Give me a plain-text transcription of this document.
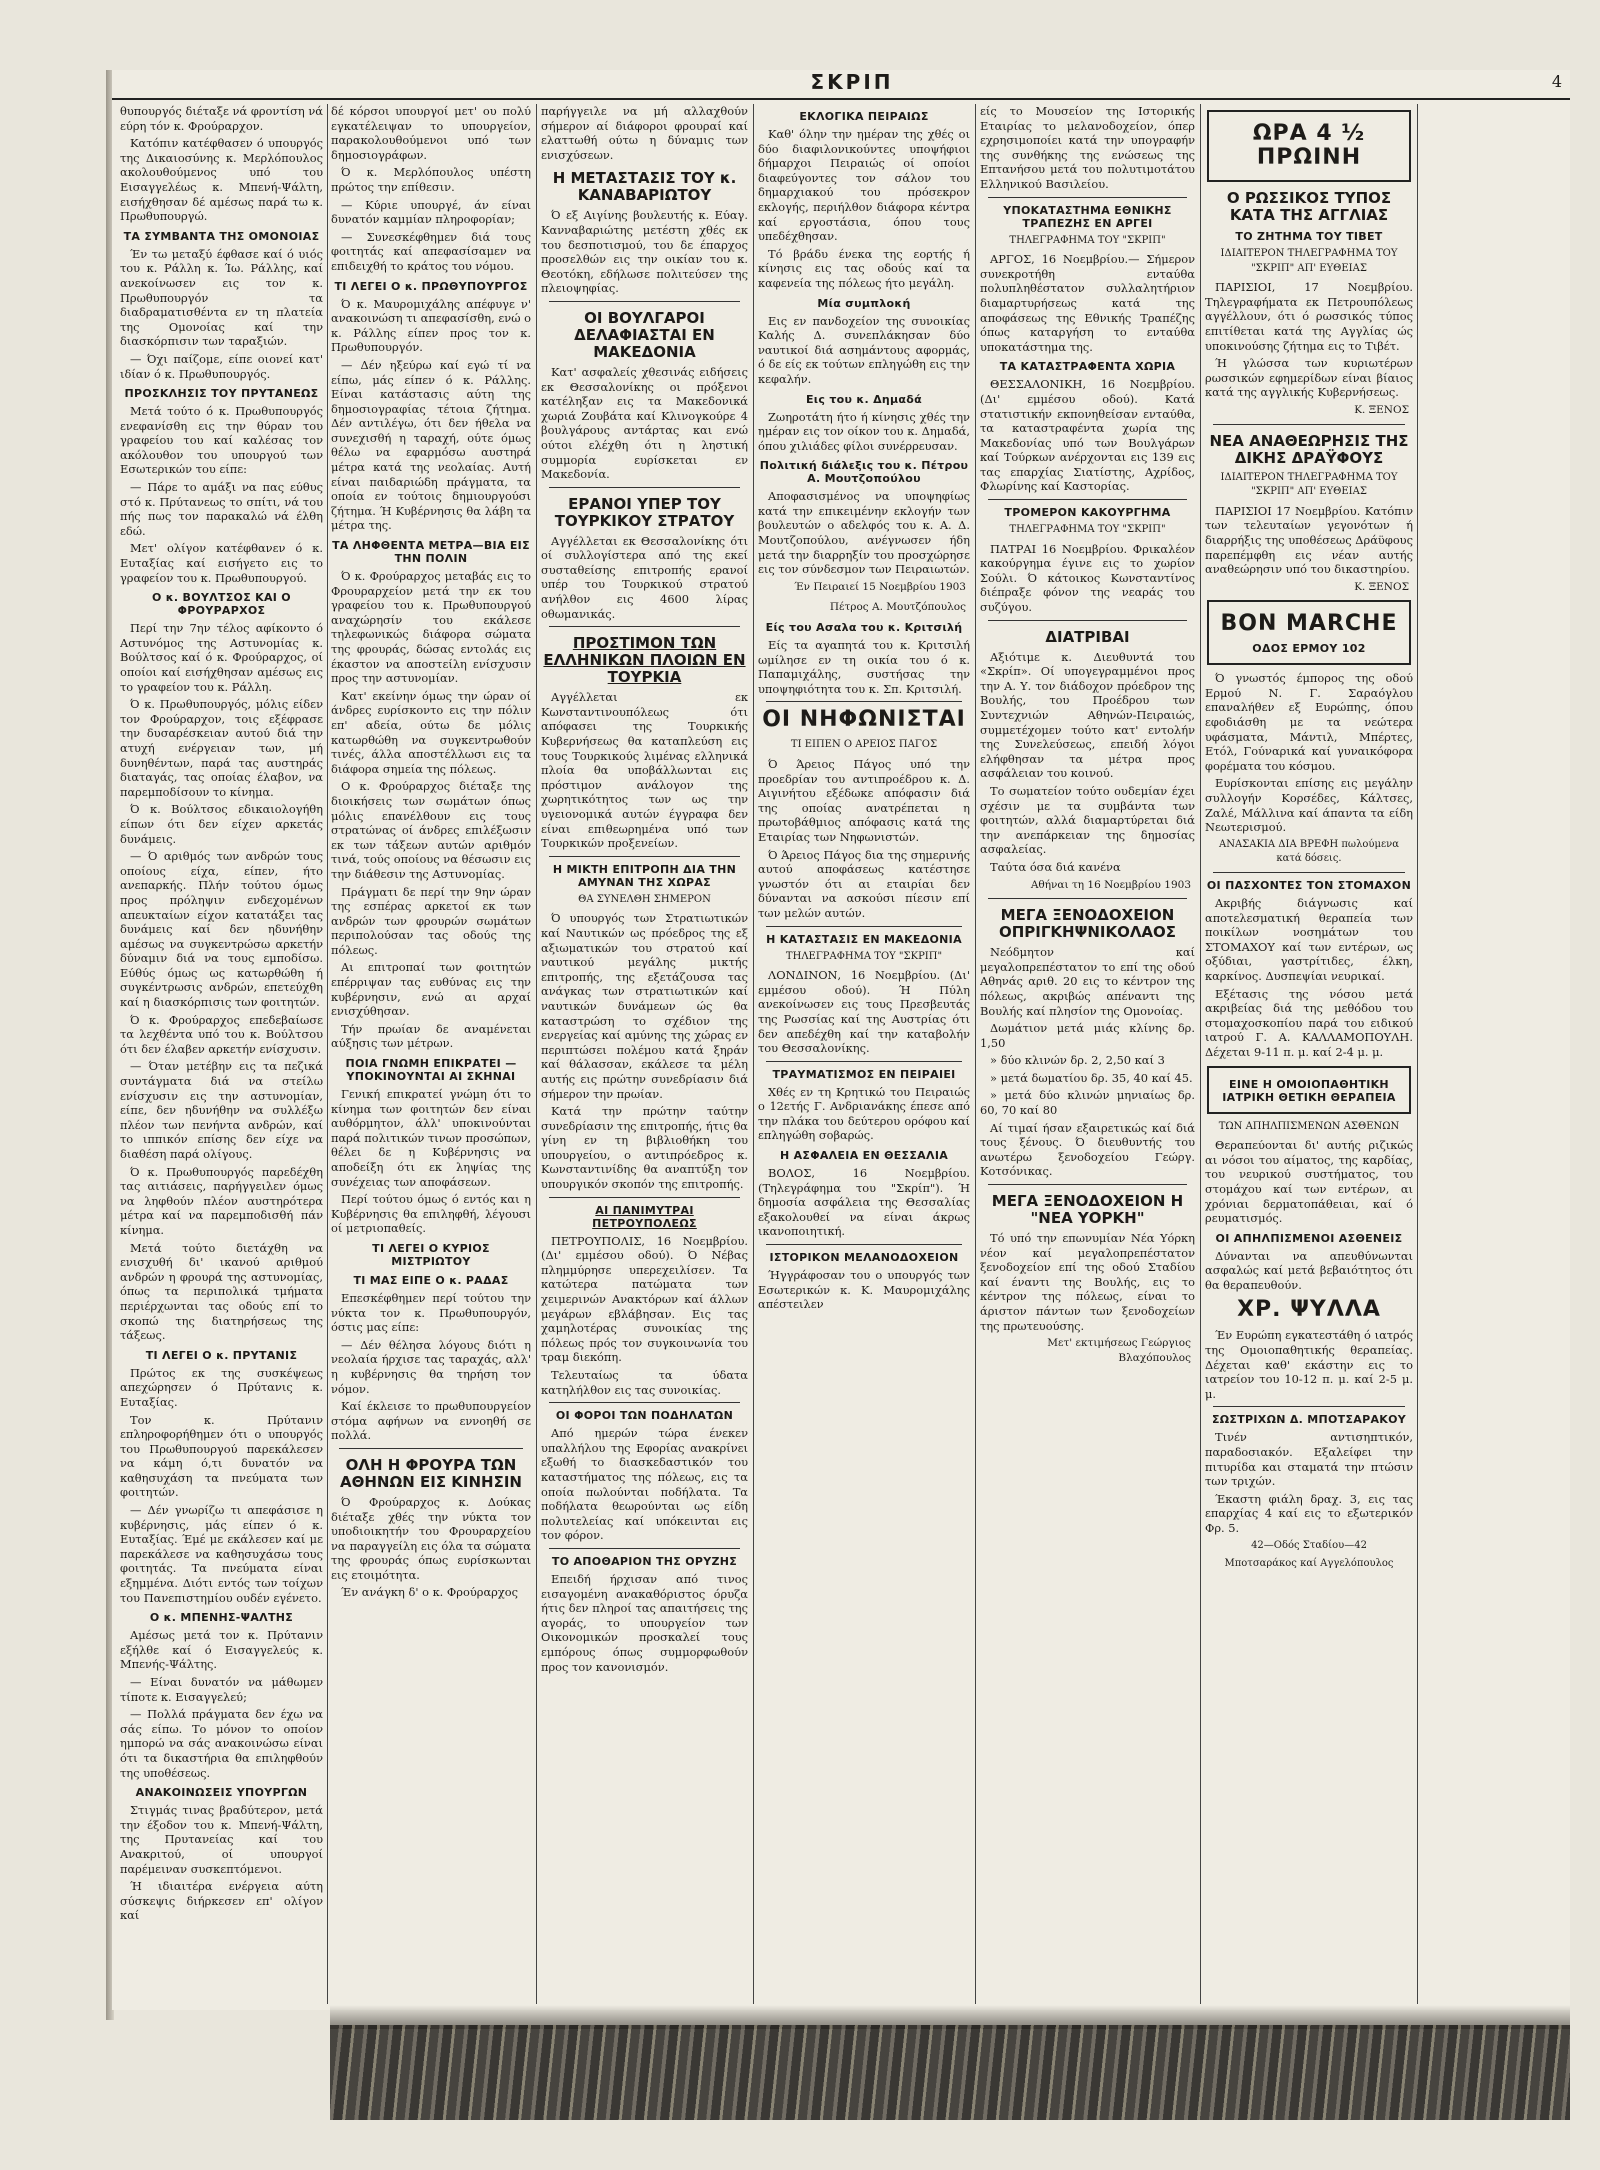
ΣΚΡΙΠ	4

θυπουργός διέταξε νά φροντίση νά εύρη τόν κ. Φρούραρχον.

Κατόπιν κατέφθασεν ό υπουργός της Δικαιοσύνης κ. Μερλόπουλος ακολουθούμενος υπό του Εισαγγελέως κ. Μπενή-Ψάλτη, εισήχθησαν δέ αμέσως παρά τω κ. Πρωθυπουργώ.

ΤΑ ΣΥΜΒΑΝΤΑ ΤΗΣ ΟΜΟΝΟΙΑΣ

Έν τω μεταξύ έφθασε καί ό υιός του κ. Ράλλη κ. Ίω. Ράλλης, καί ανεκοίνωσεν εις τον κ. Πρωθυπουργόν τα διαδραματισθέντα εν τη πλατεία της Ομονοίας καί την διασκόρπισιν των ταραξιών.

— Όχι παίζομε, είπε οιονεί κατ' ιδίαν ό κ. Πρωθυπουργός.

ΠΡΟΣΚΛΗΣΙΣ ΤΟΥ ΠΡΥΤΑΝΕΩΣ

Μετά τούτο ό κ. Πρωθυπουργός ενεφανίσθη εις την θύραν του γραφείου του καί καλέσας τον ακόλουθον του υπουργού των Εσωτερικών του είπε:

— Πάρε το αμάξι να πας εύθυς στό κ. Πρύτανεως το σπίτι, νά του πής πως τον παρακαλώ νά έλθη εδώ.

Μετ' ολίγον κατέφθανεν ό κ. Ευταξίας καί εισήγετο εις το γραφείον του κ. Πρωθυπουργού.

Ο κ. ΒΟΥΛΤΣΟΣ ΚΑΙ Ο ΦΡΟΥΡΑΡΧΟΣ

Περί την 7ην τέλος αφίκοντο ό Αστυνόμος της Αστυνομίας κ. Βούλτσος καί ό κ. Φρούραρχος, οί οποίοι καί εισήχθησαν αμέσως εις το γραφείον του κ. Ράλλη.

Ό κ. Πρωθυπουργός, μόλις είδεν τον Φρούραρχον, τοις εξέφρασε την δυσαρέσκειαν αυτού διά την ατυχή ενέργειαν των, μή δυνηθέντων, παρά τας αυστηράς διαταγάς, τας οποίας έλαβον, να παρεμποδίσουν το κίνημα.

Ό κ. Βούλτσος εδικαιολογήθη είπων ότι δεν είχεν αρκετάς δυνάμεις.

— Ό αριθμός των ανδρών τους οποίους είχα, είπεν, ήτο ανεπαρκής. Πλήν τούτου όμως προς πρόληψιν ενδεχομένων απευκταίων είχον κατατάξει τας δυνάμεις καί δεν ηδυνήθην αμέσως να συγκεντρώσω αρκετήν δύναμιν διά να τους εμποδίσω. Εύθύς όμως ως κατωρθώθη ή συγκέντρωσις ανδρών, επετεύχθη καί η διασκόρπισις των φοιτητών.

Ό κ. Φρούραρχος επεδεβαίωσε τα λεχθέντα υπό του κ. Βούλτσου ότι δεν έλαβεν αρκετήν ενίσχυσιν.

— Όταν μετέβην εις τα πεζικά συντάγματα διά να στείλω ενίσχυσιν εις την αστυνομίαν, είπε, δεν ηδυνήθην να συλλέξω πλέον των πενήντα ανδρών, καί το ιππικόν επίσης δεν είχε να διαθέση παρά ολίγους.

Ό κ. Πρωθυπουργός παρεδέχθη τας αιτιάσεις, παρήγγειλεν όμως να ληφθούν πλέον αυστηρότερα μέτρα καί να παρεμποδισθή πάν κίνημα.

Μετά τούτο διετάχθη να ενισχυθή δι' ικανού αριθμού ανδρών η φρουρά της αστυνομίας, όπως τα περιπολικά τμήματα περιέρχωνται τας οδούς επί το σκοπώ της διατηρήσεως της τάξεως.

ΤΙ ΛΕΓΕΙ Ο κ. ΠΡΥΤΑΝΙΣ

Πρώτος εκ της συσκέψεως απεχώρησεν ό Πρύτανις κ. Ευταξίας.

Τον κ. Πρύτανιν επληροφορήθημεν ότι ο υπουργός του Πρωθυπουργού παρεκάλεσεν να κάμη ό,τι δυνατόν να καθησυχάση τα πνεύματα των φοιτητών.

— Δέν γνωρίζω τι απεφάσισε η κυβέρνησις, μάς είπεν ό κ. Ευταξίας. Έμέ με εκάλεσεν καί με παρεκάλεσε να καθησυχάσω τους φοιτητάς. Τα πνεύματα είναι εξημμένα. Διότι εντός των τοίχων του Πανεπιστημίου ουδέν εγένετο.

Ο κ. ΜΠΕΝΗΣ-ΨΑΛΤΗΣ

Αμέσως μετά τον κ. Πρύτανιν εξήλθε καί ό Εισαγγελεύς κ. Μπενής-Ψάλτης.

— Είναι δυνατόν να μάθωμεν τίποτε κ. Εισαγγελεύ;

— Πολλά πράγματα δεν έχω να σάς είπω. Το μόνον το οποίον ημπορώ να σάς ανακοινώσω είναι ότι τα δικαστήρια θα επιληφθούν της υποθέσεως.

ΑΝΑΚΟΙΝΩΣΕΙΣ ΥΠΟΥΡΓΩΝ

Στιγμάς τινας βραδύτερον, μετά την έξοδον του κ. Μπενή-Ψάλτη, της Πρυτανείας καί του Ανακριτού, οί υπουργοί παρέμειναν συσκεπτόμενοι.

Ή ιδιαιτέρα ενέργεια αύτη σύσκεψις διήρκεσεν επ' ολίγον καί

δέ κόρσοι υπουργοί μετ' ου πολύ εγκατέλειψαν το υπουργείον, παρακολουθούμενοι υπό των δημοσιογράφων.

Ό κ. Μερλόπουλος υπέστη πρώτος την επίθεσιν.

— Κύριε υπουργέ, άν είναι δυνατόν καμμίαν πληροφορίαν;

— Συνεσκέφθημεν διά τους φοιτητάς καί απεφασίσαμεν να επιδειχθή το κράτος του νόμου.

ΤΙ ΛΕΓΕΙ Ο κ. ΠΡΩΘΥΠΟΥΡΓΟΣ

Ό κ. Μαυρομιχάλης απέφυγε ν' ανακοινώση τι απεφασίσθη, ενώ ο κ. Ράλλης είπεν προς τον κ. Πρωθυπουργόν.

— Δέν ηξεύρω καί εγώ τί να είπω, μάς είπεν ό κ. Ράλλης. Είναι κατάστασις αύτη της δημοσιογραφίας τέτοια ζήτημα. Δέν αντιλέγω, ότι δεν ήθελα να συνεχισθή η ταραχή, ούτε όμως θέλω να εφαρμόσω αυστηρά μέτρα κατά της νεολαίας. Αυτή είναι παιδαριώδη πράγματα, τα οποία εν τούτοις δημιουργούσι ζήτημα. Ή Κυβέρνησις θα λάβη τα μέτρα της.

ΤΑ ΛΗΦΘΕΝΤΑ ΜΕΤΡΑ—ΒΙΑ ΕΙΣ ΤΗΝ ΠΟΛΙΝ

Ό κ. Φρούραρχος μεταβάς εις το Φρουραρχείον μετά την εκ του γραφείου του κ. Πρωθυπουργού αναχώρησίν του εκάλεσε τηλεφωνικώς διάφορα σώματα της φρουράς, δώσας εντολάς εις έκαστον να αποστείλη ενίσχυσιν προς την αστυνομίαν.

Κατ' εκείνην όμως την ώραν οί άνδρες ευρίσκοντο εις την πόλιν επ' αδεία, ούτω δε μόλις κατωρθώθη να συγκεντρωθούν τινές, άλλα αποστέλλωσι εις τα διάφορα σημεία της πόλεως.

Ο κ. Φρούραρχος διέταξε της διοικήσεις των σωμάτων όπως μόλις επανέλθουν εις τους στρατώνας οί άνδρες επιλέξωσιν εκ των τάξεων αυτών αριθμόν τινά, τούς οποίους να θέσωσιν εις την διάθεσιν της Αστυνομίας.

Πράγματι δε περί την 9ην ώραν της εσπέρας αρκετοί εκ των ανδρών των φρουρών σωμάτων περιπολούσαν τας οδούς της πόλεως.

Αι επιτροπαί των φοιτητών επέρριψαν τας ευθύνας εις την κυβέρνησιν, ενώ αι αρχαί ενισχύθησαν.

Τήν πρωίαν δε αναμένεται αύξησις των μέτρων.

ΠΟΙΑ ΓΝΩΜΗ ΕΠΙΚΡΑΤΕΙ —ΥΠΟΚΙΝΟΥΝΤΑΙ ΑΙ ΣΚΗΝΑΙ

Γενική επικρατεί γνώμη ότι το κίνημα των φοιτητών δεν είναι αυθόρμητον, άλλ' υποκινούνται παρά πολιτικών τινων προσώπων, θέλει δε η Κυβέρνησις να αποδείξη ότι εκ ληψίας της συνέχειας των αποφάσεων.

Περί τούτου όμως ό εντός και η Κυβέρνησις θα επιληφθή, λέγουσι οί μετριοπαθείς.

ΤΙ ΛΕΓΕΙ Ο ΚΥΡΙΟΣ ΜΙΣΤΡΙΩΤΟΥ
ΤΙ ΜΑΣ ΕΙΠΕ Ο κ. ΡΑΔΑΣ

Επεσκέφθημεν περί τούτου την νύκτα τον κ. Πρωθυπουργόν, όστις μας είπε:

— Δέν θέλησα λόγους διότι η νεολαία ήρχισε τας ταραχάς, αλλ' η κυβέρνησις θα τηρήση τον νόμον.

Καί έκλεισε το πρωθυπουργείον στόμα αφήνων να εννοηθή σε πολλά.

ΟΛΗ Η ΦΡΟΥΡΑ ΤΩΝ ΑΘΗΝΩΝ ΕΙΣ ΚΙΝΗΣΙΝ

Ό Φρούραρχος κ. Δούκας διέταξε χθές την νύκτα τον υποδιοικητήν του Φρουραρχείου να παραγγείλη εις όλα τα σώματα της φρουράς όπως ευρίσκωνται εις ετοιμότητα.

Έν ανάγκη δ' ο κ. Φρούραρχος

παρήγγειλε να μή αλλαχθούν σήμερον αί διάφοροι φρουραί καί ελαττωθή ούτω η δύναμις των ενισχύσεων.

Η ΜΕΤΑΣΤΑΣΙΣ ΤΟΥ κ. ΚΑΝΑΒΑΡΙΩΤΟΥ

Ό εξ Αιγίνης βουλευτής κ. Εύαγ. Κανναβαριώτης μετέστη χθές εκ του δεσποτισμού, του δε έπαρχος προσελθών εις την οικίαν του κ. Θεοτόκη, εδήλωσε πολιτεύσεν της πλειοψηφίας.

ΟΙ ΒΟΥΛΓΑΡΟΙ ΔΕΛΑΦΙΑΣΤΑΙ ΕΝ ΜΑΚΕΔΟΝΙΑ

Κατ' ασφαλείς χθεσινάς ειδήσεις εκ Θεσσαλονίκης οι πρόξενοι κατέληξαν εις τα Μακεδονικά χωριά Ζουβάτα καί Κλινογκούρε 4 βουλγάρους αντάρτας και ενώ ούτοι ελέχθη ότι η ληστική συμμορία ευρίσκεται εν Μακεδονία.

ΕΡΑΝΟΙ ΥΠΕΡ ΤΟΥ ΤΟΥΡΚΙΚΟΥ ΣΤΡΑΤΟΥ

Αγγέλλεται εκ Θεσσαλονίκης ότι οί συλλογίστερα από της εκεί συσταθείσης επιτροπής ερανοί υπέρ του Τουρκικού στρατού ανήλθον εις 4600 λίρας οθωμανικάς.

ΠΡΟΣΤΙΜΟΝ ΤΩΝ ΕΛΛΗΝΙΚΩΝ ΠΛΟΙΩΝ ΕΝ ΤΟΥΡΚΙΑ

Αγγέλλεται εκ Κωνσταντινουπόλεως ότι απόφασει της Τουρκικής Κυβερνήσεως θα καταπλεύση εις τους Τουρκικούς λιμένας ελληνικά πλοία θα υποβάλλωνται εις πρόστιμον ανάλογον της χωρητικότητος των ως την υγειονομικά αυτών έγγραφα δεν είναι επιθεωρημένα υπό των Τουρκικών προξενείων.

Η ΜΙΚΤΗ ΕΠΙΤΡΟΠΗ ΔΙΑ ΤΗΝ ΑΜΥΝΑΝ ΤΗΣ ΧΩΡΑΣ

ΘΑ ΣΥΝΕΛΘΗ ΣΗΜΕΡΟΝ

Ό υπουργός των Στρατιωτικών καί Ναυτικών ως πρόεδρος της εξ αξιωματικών του στρατού καί ναυτικού μεγάλης μικτής επιτροπής, της εξετάζουσα τας ανάγκας των στρατιωτικών καί ναυτικών δυνάμεων ώς θα καταστρώση το σχέδιον της ενεργείας καί αμύνης της χώρας εν περιπτώσει πολέμου κατά ξηράν καί θάλασσαν, εκάλεσε τα μέλη αυτής εις πρώτην συνεδρίασιν διά σήμερον την πρωίαν.

Κατά την πρώτην ταύτην συνεδρίασιν της επιτροπής, ήτις θα γίνη εν τη βιβλιοθήκη του υπουργείου, ο αντιπρόεδρος κ. Κωνσταντινίδης θα αναπτύξη τον υπουργικόν σκοπόν της επιτροπής.

ΑΙ ΠΑΝΙΜΥΤΡΑΙ ΠΕΤΡΟΥΠΟΛΕΩΣ

ΠΕΤΡΟΥΠΟΛΙΣ, 16 Νοεμβρίου. (Δι' εμμέσου οδού). Ό Νέβας πλημμύρησε υπερεχειλίσεν. Τα κατώτερα πατώματα των χειμερινών Ανακτόρων καί άλλων μεγάρων εβλάβησαν. Εις τας χαμηλοτέρας συνοικίας της πόλεως πρός τον συγκοινωνία του τραμ διεκόπη.

Τελευταίως τα ύδατα κατηλήλθον εις τας συνοικίας.

ΟΙ ΦΟΡΟΙ ΤΩΝ ΠΟΔΗΛΑΤΩΝ

Από ημερών τώρα ένεκεν υπαλλήλου της Εφορίας ανακρίνει εξωθή το διασκεδαστικόν του καταστήματος της πόλεως, εις τα οποία πωλούνται ποδήλατα. Τα ποδήλατα θεωρούνται ως είδη πολυτελείας καί υπόκεινται εις τον φόρον.

ΤΟ ΑΠΟΘΑΡΙΟΝ ΤΗΣ ΟΡΥΖΗΣ

Επειδή ήρχισαν από τινος εισαγομένη ανακαθόριστος όρυζα ήτις δεν πληροί τας απαιτήσεις της αγοράς, το υπουργείον των Οικονομικών προσκαλεί τους εμπόρους όπως συμμορφωθούν προς τον κανονισμόν.

ΕΚΛΟΓΙΚΑ ΠΕΙΡΑΙΩΣ

Καθ' όλην την ημέραν της χθές οι δύο διαφιλονικούντες υποψήφιοι δήμαρχοι Πειραιώς οί οποίοι διαφεύγοντες τον σάλον του δημαρχιακού του πρόσεκρον εκλογής, περιήλθον διάφορα κέντρα καί εργοστάσια, όπου τους υπεδέχθησαν.

Τό βράδυ ένεκα της εορτής ή κίνησις εις τας οδούς καί τα καφενεία της πόλεως ήτο μεγάλη.

Μία συμπλοκή

Εις εν πανδοχείον της συνοικίας Καλής Δ. συνεπλάκησαν δύο ναυτικοί διά ασημάντους αφορμάς, ό δε είς εκ τούτων επληγώθη εις την κεφαλήν.

Εις του κ. Δημαδά

Ζωηροτάτη ήτο ή κίνησις χθές την ημέραν εις τον οίκον του κ. Δημαδά, όπου χιλιάδες φίλοι συνέρρευσαν.

Πολιτική διάλεξις του κ. Πέτρου Α. Μουτζοπούλου

Αποφασισμένος να υποψηφίως κατά την επικειμένην εκλογήν των βουλευτών ο αδελφός του κ. Α. Δ. Μουτζοπούλου, ανέγνωσεν ήδη μετά την διαρρηξίν του προσχώρησε εις τον σύνδεσμον των Πειραιωτών.

Έν Πειραιεί 15 Νοεμβρίου 1903

Πέτρος Α. Μουτζόπουλος

Είς του Ασαλα του κ. Κριτσιλή

Είς τα αγαπητά του κ. Κριτσιλή ωμίλησε εν τη οικία του ό κ. Παπαμιχάλης, συστήσας την υποψηφιότητα του κ. Σπ. Κριτσιλή.

ΟΙ ΝΗΦΩΝΙΣΤΑΙ

ΤΙ ΕΙΠΕΝ Ο ΑΡΕΙΟΣ ΠΑΓΟΣ

Ό Άρειος Πάγος υπό την προεδρίαν του αντιπροέδρου κ. Δ. Αιγινήτου εξέδωκε απόφασιν διά της οποίας ανατρέπεται η πρωτοβάθμιος απόφασις κατά της Εταιρίας των Νηφωνιστών.

Ό Άρειος Πάγος δια της σημερινής αυτού αποφάσεως κατέστησε γνωστόν ότι αι εταιρίαι δεν δύνανται να ασκούσι πίεσιν επί των μελών αυτών.

Η ΚΑΤΑΣΤΑΣΙΣ ΕΝ ΜΑΚΕΔΟΝΙΑ

ΤΗΛΕΓΡΑΦΗΜΑ ΤΟΥ "ΣΚΡΙΠ"

ΛΟΝΔΙΝΟΝ, 16 Νοεμβρίου. (Δι' εμμέσου οδού). Ή Πύλη ανεκοίνωσεν εις τους Πρεσβευτάς της Ρωσσίας καί της Αυστρίας ότι δεν απεδέχθη καί την καταβολήν του Θεσσαλονίκης.

ΤΡΑΥΜΑΤΙΣΜΟΣ ΕΝ ΠΕΙΡΑΙΕΙ

Χθές εν τη Κρητικώ του Πειραιώς ο 12ετής Γ. Ανδριανάκης έπεσε από την πλάκα του δεύτερου ορόφου καί επληγώθη σοβαρώς.

Η ΑΣΦΑΛΕΙΑ ΕΝ ΘΕΣΣΑΛΙΑ

ΒΟΛΟΣ, 16 Νοεμβρίου. (Τηλεγράφημα του "Σκρίπ"). Ή δημοσία ασφάλεια της Θεσσαλίας εξακολουθεί να είναι άκρως ικανοποιητική.

ΙΣΤΟΡΙΚΟΝ ΜΕΛΑΝΟΔΟΧΕΙΟΝ

Ήγγράφοσαν του ο υπουργός των Εσωτερικών κ. Κ. Μαυρομιχάλης απέστειλεν

είς το Μουσείον της Ιστορικής Εταιρίας το μελανοδοχείον, όπερ εχρησιμοποίει κατά την υπογραφήν της συνθήκης της ενώσεως της Επτανήσου μετά του πολυτιμοτάτου Ελληνικού Βασιλείου.

ΥΠΟΚΑΤΑΣΤΗΜΑ ΕΘΝΙΚΗΣ ΤΡΑΠΕΖΗΣ ΕΝ ΑΡΓΕΙ

ΤΗΛΕΓΡΑΦΗΜΑ ΤΟΥ "ΣΚΡΙΠ"

ΑΡΓΟΣ, 16 Νοεμβρίου.— Σήμερον συνεκροτήθη ενταύθα πολυπληθέστατον συλλαλητήριον διαμαρτυρήσεως κατά της αποφάσεως της Εθνικής Τραπέζης όπως καταργήση το ενταύθα υποκατάστημα της.

ΤΑ ΚΑΤΑΣΤΡΑΦΕΝΤΑ ΧΩΡΙΑ

ΘΕΣΣΑΛΟΝΙΚΗ, 16 Νοεμβρίου. (Δι' εμμέσου οδού). Κατά στατιστικήν εκπονηθείσαν ενταύθα, τα καταστραφέντα χωρία της Μακεδονίας υπό των Βουλγάρων καί Τούρκων ανέρχονται εις 139 εις τας επαρχίας Σιατίστης, Αχρίδος, Φλωρίνης καί Καστορίας.

ΤΡΟΜΕΡΟΝ ΚΑΚΟΥΡΓΗΜΑ

ΤΗΛΕΓΡΑΦΗΜΑ ΤΟΥ "ΣΚΡΙΠ"

ΠΑΤΡΑΙ 16 Νοεμβρίου. Φρικαλέον κακούργημα έγινε εις το χωρίον Σούλι. Ό κάτοικος Κωνσταντίνος διέπραξε φόνον της νεαράς του συζύγου.

ΔΙΑΤΡΙΒΑΙ

Αξιότιμε κ. Διευθυντά του «Σκρίπ». Οί υπογεγραμμένοι προς την Α. Υ. τον διάδοχον πρόεδρον της Βουλής, του Προέδρου των Συντεχνιών Αθηνών-Πειραιώς, συμμετέχομεν τούτο κατ' εντολήν της Συνελεύσεως, επειδή λόγοι ελήφθησαν τα μέτρα προς ασφάλειαν του κοινού.

Το σωματείον τούτο ουδεμίαν έχει σχέσιν με τα συμβάντα των φοιτητών, αλλά διαμαρτύρεται διά την ανεπάρκειαν της δημοσίας ασφαλείας.

Ταύτα όσα διά κανένα

Αθήναι τη 16 Νοεμβρίου 1903

ΜΕΓΑ ΞΕΝΟΔΟΧΕΙΟΝ ΟΠΡΙΓΚΗΨΝΙΚΟΛΑΟΣ

Νεόδμητον καί μεγαλοπρεπέστατον το επί της οδού Αθηνάς αριθ. 20 εις το κέντρον της πόλεως, ακριβώς απέναντι της Βουλής καί πλησίον της Ομονοίας.

Δωμάτιον μετά μιάς κλίνης δρ. 1,50

» δύο κλινών δρ. 2, 2,50 καί 3

» μετά δωματίου δρ. 35, 40 καί 45.

» μετά δύο κλινών μηνιαίως δρ. 60, 70 καί 80

Αί τιμαί ήσαν εξαιρετικώς καί διά τους ξένους. Ό διευθυντής του ανωτέρω ξενοδοχείου Γεώργ. Κοτσόνικας.

ΜΕΓΑ ΞΕΝΟΔΟΧΕΙΟΝ Η "ΝΕΑ ΥΟΡΚΗ"

Τό υπό την επωνυμίαν Νέα Υόρκη νέον καί μεγαλοπρεπέστατον ξενοδοχείον επί της οδού Σταδίου καί έναντι της Βουλής, εις το κέντρον της πόλεως, είναι το άριστον πάντων των ξενοδοχείων της πρωτευούσης.

Μετ' εκτιμήσεως Γεώργιος Βλαχόπουλος

ΩΡΑ 4 ½ ΠΡΩΙΝΗ
Ο ΡΩΣΣΙΚΟΣ ΤΥΠΟΣ ΚΑΤΑ ΤΗΣ ΑΓΓΛΙΑΣ
ΤΟ ΖΗΤΗΜΑ ΤΟΥ ΤΙΒΕΤ

ΙΔΙΑΙΤΕΡΟΝ ΤΗΛΕΓΡΑΦΗΜΑ ΤΟΥ "ΣΚΡΙΠ" ΑΠ' ΕΥΘΕΙΑΣ

ΠΑΡΙΣΙΟΙ, 17 Νοεμβρίου. Τηλεγραφήματα εκ Πετρουπόλεως αγγέλλουν, ότι ό ρωσσικός τύπος επιτίθεται κατά της Αγγλίας ώς υποκινούσης ζήτημα εις το Τιβέτ.

Ή γλώσσα των κυριωτέρων ρωσσικών εφημερίδων είναι βίαιος κατά της αγγλικής Κυβερνήσεως.

Κ. ΞΕΝΟΣ

ΝΕΑ ΑΝΑΘΕΩΡΗΣΙΣ ΤΗΣ ΔΙΚΗΣ ΔΡΑΫΦΟΥΣ

ΙΔΙΑΙΤΕΡΟΝ ΤΗΛΕΓΡΑΦΗΜΑ ΤΟΥ "ΣΚΡΙΠ" ΑΠ' ΕΥΘΕΙΑΣ

ΠΑΡΙΣΙΟΙ 17 Νοεμβρίου. Κατόπιν των τελευταίων γεγονότων ή διαρρήξις της υποθέσεως Δράϋφους παρεπέμφθη εις νέαν αυτής αναθεώρησιν υπό του δικαστηρίου.

Κ. ΞΕΝΟΣ

ΒΟΝ MARCHE
ΟΔΟΣ ΕΡΜΟΥ 102

Ό γνωστός έμπορος της οδού Ερμού Ν. Γ. Σαραόγλου επαναλήθεν εξ Ευρώπης, όπου εφοδιάσθη με τα νεώτερα υφάσματα, Μάντιλ, Μπέρτες, Ετόλ, Γούναρικά καί γυναικόφορα φορέματα του κόσμου.

Ευρίσκονται επίσης εις μεγάλην συλλογήν Κορσέδες, Κάλτσες, Ζαλέ, Μάλλινα καί άπαντα τα είδη Νεωτερισμού.

ΑΝΑΣΑΚΙΑ ΔΙΑ ΒΡΕΦΗ πωλούμενα κατά δόσεις.

ΟΙ ΠΑΣΧΟΝΤΕΣ ΤΟΝ ΣΤΟΜΑΧΟΝ

Ακριβής διάγνωσις καί αποτελεσματική θεραπεία των ποικίλων νοσημάτων του ΣΤΟΜΑΧΟΥ καί των εντέρων, ως οξύδιαι, γαστρίτιδες, έλκη, καρκίνος. Δυσπεψίαι νευρικαί.

Εξέτασις της νόσου μετά ακριβείας διά της μεθόδου του στομαχοσκοπίου παρά του ειδικού ιατρού Γ. Α. ΚΑΛΛΑΜΟΠΟΥΛΗ. Δέχεται 9-11 π. μ. καί 2-4 μ. μ.

ΕΙΝΕ Η ΟΜΟΙΟΠΑΘΗΤΙΚΗ ΙΑΤΡΙΚΗ ΘΕΤΙΚΗ ΘΕΡΑΠΕΙΑ

ΤΩΝ ΑΠΗΛΠΙΣΜΕΝΩΝ ΑΣΘΕΝΩΝ

Θεραπεύονται δι' αυτής ριζικώς αι νόσοι του αίματος, της καρδίας, του νευρικού συστήματος, του στομάχου καί των εντέρων, αι χρόνιαι δερματοπάθειαι, καί ό ρευματισμός.

ΟΙ ΑΠΗΛΠΙΣΜΕΝΟΙ ΑΣΘΕΝΕΙΣ

Δύνανται να απευθύνωνται ασφαλώς καί μετά βεβαιότητος ότι θα θεραπευθούν.

ΧΡ. ΨΥΛΛΑ

Έν Ευρώπη εγκατεστάθη ό ιατρός της Ομοιοπαθητικής θεραπείας. Δέχεται καθ' εκάστην εις το ιατρείον του 10-12 π. μ. καί 2-5 μ. μ.

ΣΩΣΤΡΙΧΩΝ Δ. ΜΠΟΤΣΑΡΑΚΟΥ

Τινέν αντισηπτικόν, παραδοσιακόν. Εξαλείφει την πιτυρίδα και σταματά την πτώσιν των τριχών.

Έκαστη φιάλη δραχ. 3, εις τας επαρχίας 4 καί εις το εξωτερικόν Φρ. 5.

42—Οδός Σταδίου—42

Μποτσαράκος καί Αγγελόπουλος
